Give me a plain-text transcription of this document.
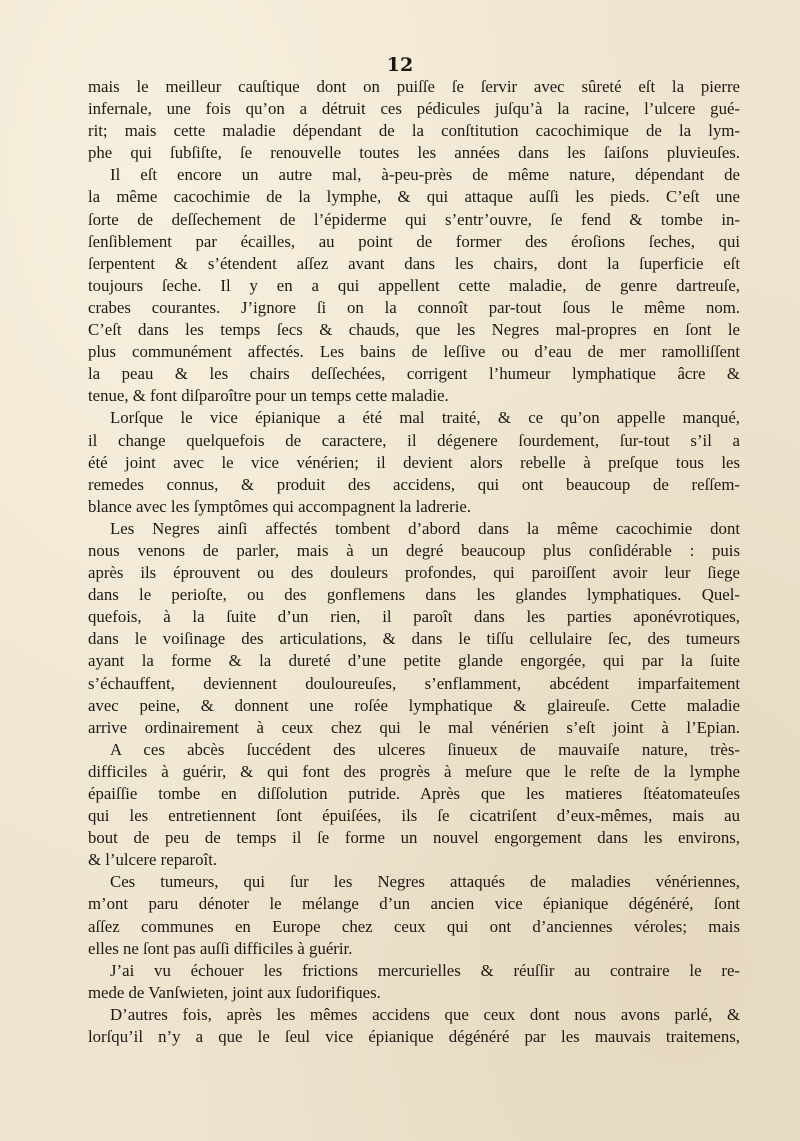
12
mais le meilleur cauſtique dont on puiſſe ſe ſervir avec sûreté eſt la pierre
infernale, une fois qu’on a détruit ces pédicules juſqu’à la racine, l’ulcere gué-
rit; mais cette maladie dépendant de la conſtitution cacochimique de la lym-
phe qui ſubſiſte, ſe renouvelle toutes les années dans les ſaiſons pluvieuſes.
Il eſt encore un autre mal, à-peu-près de même nature, dépendant de
la même cacochimie de la lymphe, & qui attaque auſſi les pieds. C’eſt une
ſorte de deſſechement de l’épiderme qui s’entr’ouvre, ſe fend & tombe in-
ſenſiblement par écailles, au point de former des éroſions ſeches, qui
ſerpentent & s’étendent aſſez avant dans les chairs, dont la ſuperficie eſt
toujours ſeche. Il y en a qui appellent cette maladie, de genre dartreuſe,
crabes courantes. J’ignore ſi on la connoît par-tout ſous le même nom.
C’eſt dans les temps ſecs & chauds, que les Negres mal-propres en ſont le
plus communément affectés. Les bains de leſſive ou d’eau de mer ramolliſſent
la peau & les chairs deſſechées, corrigent l’humeur lymphatique âcre &
tenue, & font diſparoître pour un temps cette maladie.
Lorſque le vice épianique a été mal traité, & ce qu’on appelle manqué,
il change quelquefois de caractere, il dégenere ſourdement, ſur-tout s’il a
été joint avec le vice vénérien; il devient alors rebelle à preſque tous les
remedes connus, & produit des accidens, qui ont beaucoup de reſſem-
blance avec les ſymptômes qui accompagnent la ladrerie.
Les Negres ainſi affectés tombent d’abord dans la même cacochimie dont
nous venons de parler, mais à un degré beaucoup plus conſidérable : puis
après ils éprouvent ou des douleurs profondes, qui paroiſſent avoir leur ſiege
dans le perioſte, ou des gonflemens dans les glandes lymphatiques. Quel-
quefois, à la ſuite d’un rien, il paroît dans les parties aponévrotiques,
dans le voiſinage des articulations, & dans le tiſſu cellulaire ſec, des tumeurs
ayant la forme & la dureté d’une petite glande engorgée, qui par la ſuite
s’échauffent, deviennent douloureuſes, s’enflamment, abcédent imparfaitement
avec peine, & donnent une roſée lymphatique & glaireuſe. Cette maladie
arrive ordinairement à ceux chez qui le mal vénérien s’eſt joint à l’Epian.
A ces abcès ſuccédent des ulceres ſinueux de mauvaiſe nature, très-
difficiles à guérir, & qui font des progrès à meſure que le reſte de la lymphe
épaiſſie tombe en diſſolution putride. Après que les matieres ſtéatomateuſes
qui les entretiennent ſont épuiſées, ils ſe cicatriſent d’eux-mêmes, mais au
bout de peu de temps il ſe forme un nouvel engorgement dans les environs,
& l’ulcere reparoît.
Ces tumeurs, qui ſur les Negres attaqués de maladies vénériennes,
m’ont paru dénoter le mélange d’un ancien vice épianique dégénéré, ſont
aſſez communes en Europe chez ceux qui ont d’anciennes véroles; mais
elles ne ſont pas auſſi difficiles à guérir.
J’ai vu échouer les frictions mercurielles & réuſſir au contraire le re-
mede de Vanſwieten, joint aux ſudorifiques.
D’autres fois, après les mêmes accidens que ceux dont nous avons parlé, &
lorſqu’il n’y a que le ſeul vice épianique dégénéré par les mauvais traitemens,
